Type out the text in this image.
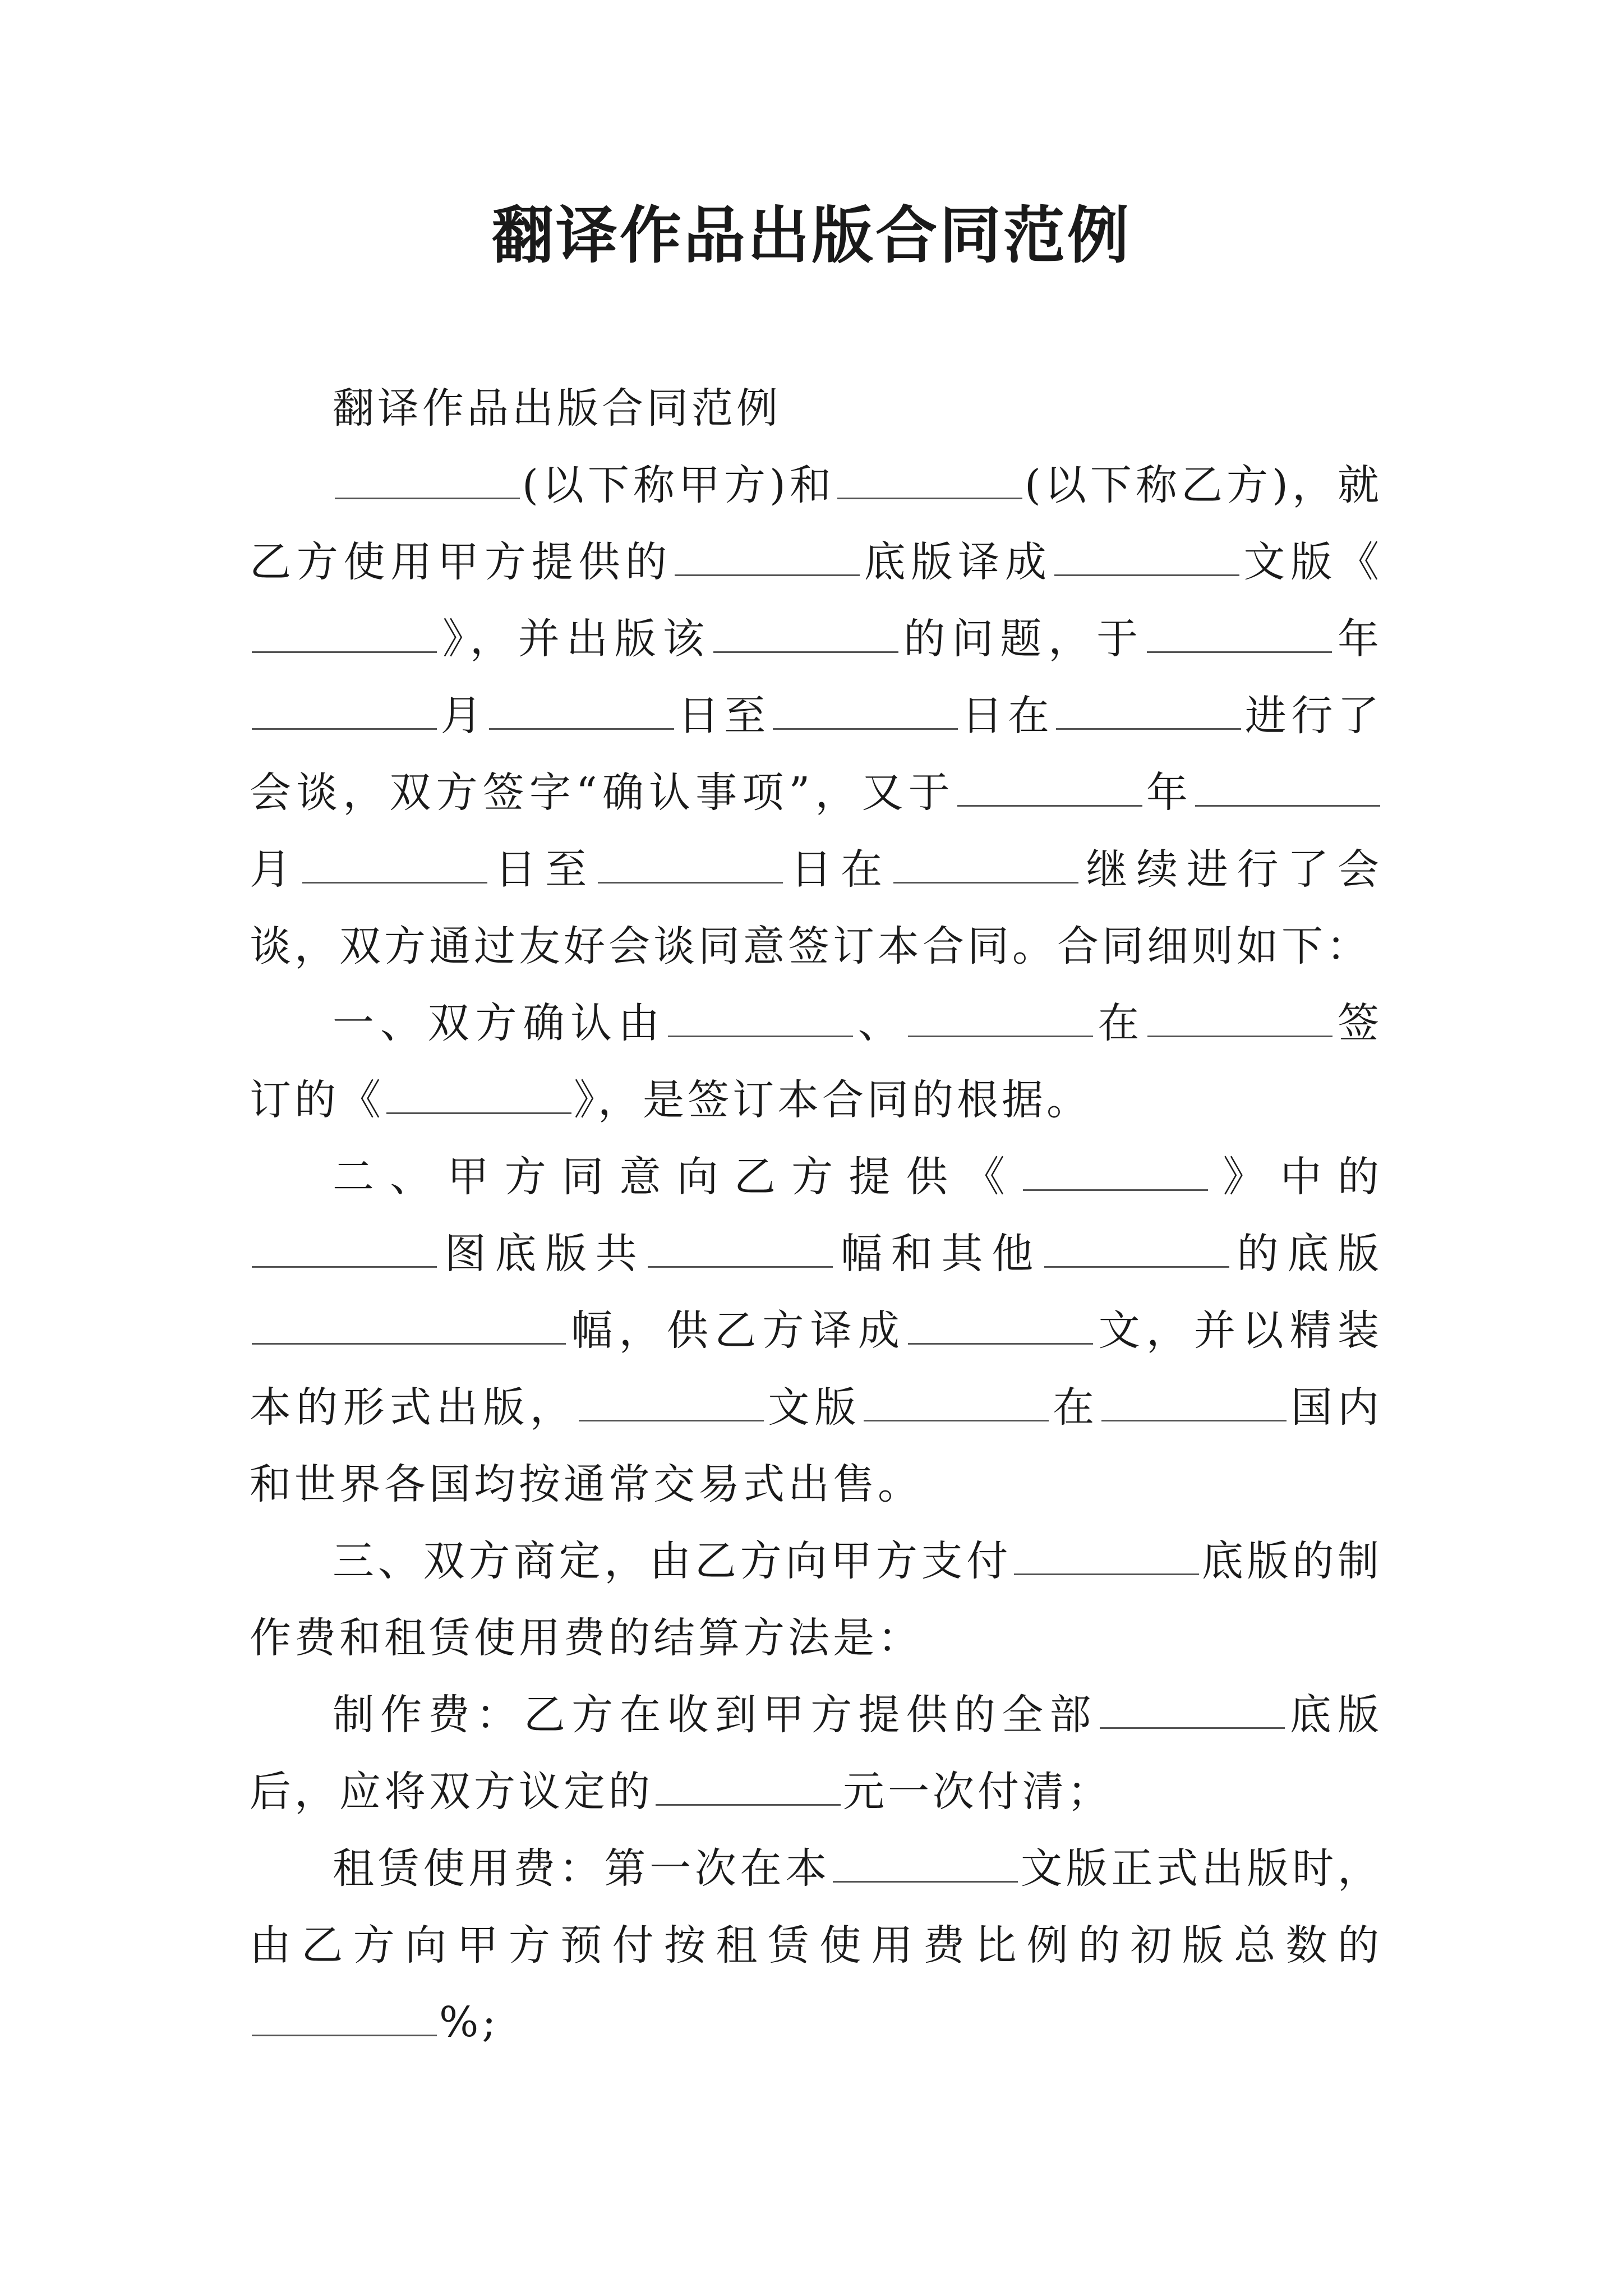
翻译作品出版合同范例

翻译作品出版合同范例

(以下称甲方)和	(以下称乙方)，就乙方使用甲方提供的	底版译成	文版《》，并出版该	的问题，于	年月	日至	日在	进行了会谈，双方签字“确认事项”，又于	年月	日至	日在	继续进行了会谈，双方通过友好会谈同意签订本合同。合同细则如下：

一、双方确认由	、	在	签订的《	》，是签订本合同的根据。

二、甲方同意向乙方提供《	》中的图底版共	幅和其他	的底版幅，供乙方译成	文，并以精装本的形式出版，	文版	在	国内和世界各国均按通常交易式出售。

三、双方商定，由乙方向甲方支付	底版的制作费和租赁使用费的结算方法是：

制作费：乙方在收到甲方提供的全部	底版后，应将双方议定的	元一次付清；

租赁使用费：第一次在本	文版正式出版时，由乙方向甲方预付按租赁使用费比例的初版总数的%;
